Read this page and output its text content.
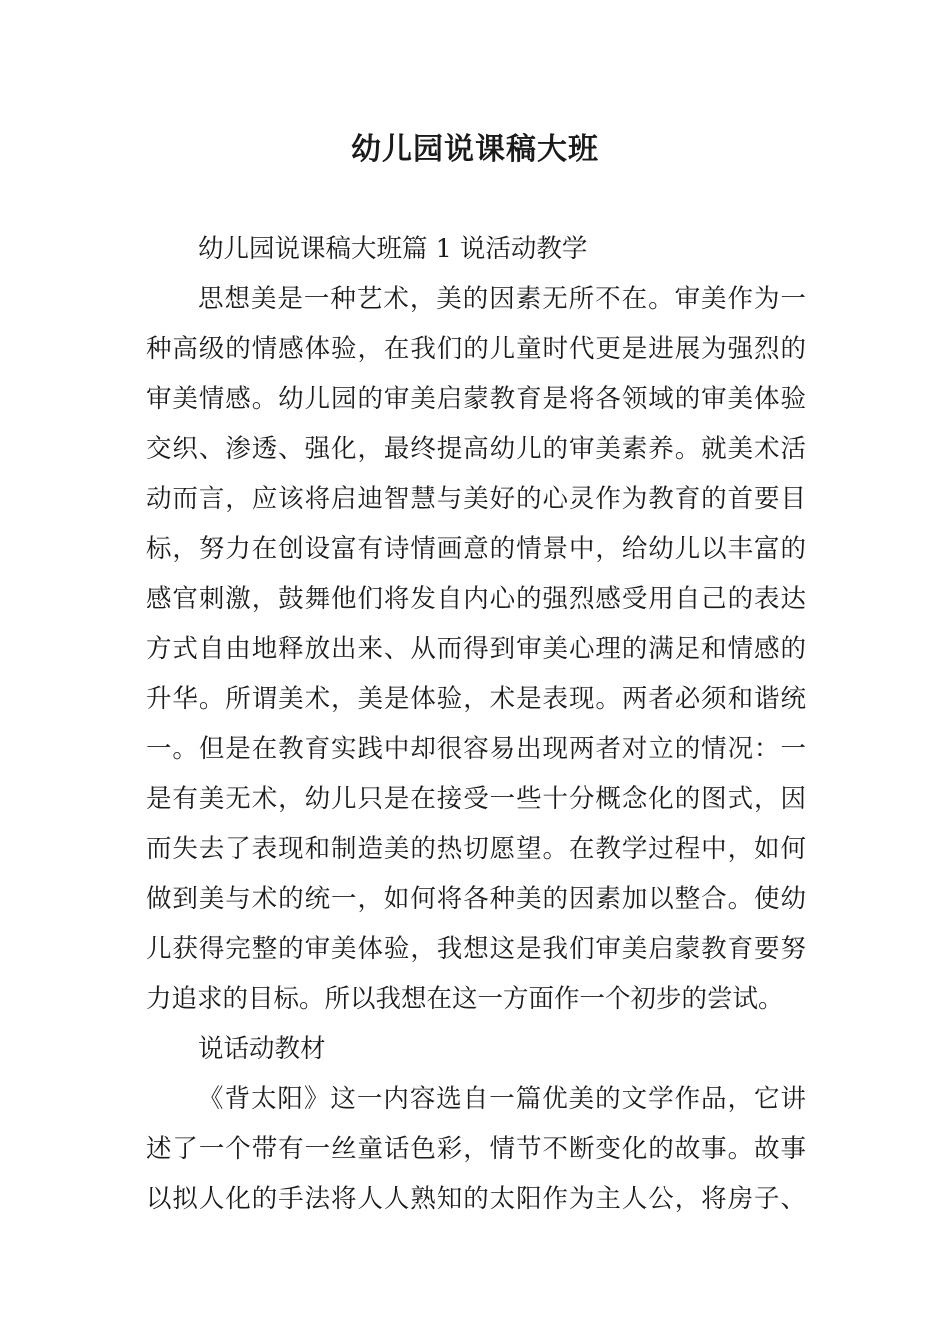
幼儿园说课稿大班
幼儿园说课稿大班篇 1 说活动教学
思想美是一种艺术，美的因素无所不在。审美作为一
种高级的情感体验，在我们的儿童时代更是进展为强烈的
审美情感。幼儿园的审美启蒙教育是将各领域的审美体验
交织、渗透、强化，最终提高幼儿的审美素养。就美术活
动而言，应该将启迪智慧与美好的心灵作为教育的首要目
标，努力在创设富有诗情画意的情景中，给幼儿以丰富的
感官刺激，鼓舞他们将发自内心的强烈感受用自己的表达
方式自由地释放出来、从而得到审美心理的满足和情感的
升华。所谓美术，美是体验，术是表现。两者必须和谐统
一。但是在教育实践中却很容易出现两者对立的情况：一
是有美无术，幼儿只是在接受一些十分概念化的图式，因
而失去了表现和制造美的热切愿望。在教学过程中，如何
做到美与术的统一，如何将各种美的因素加以整合。使幼
儿获得完整的审美体验，我想这是我们审美启蒙教育要努
力追求的目标。所以我想在这一方面作一个初步的尝试。
说话动教材
《背太阳》这一内容选自一篇优美的文学作品，它讲
述了一个带有一丝童话色彩，情节不断变化的故事。故事
以拟人化的手法将人人熟知的太阳作为主人公，将房子、
